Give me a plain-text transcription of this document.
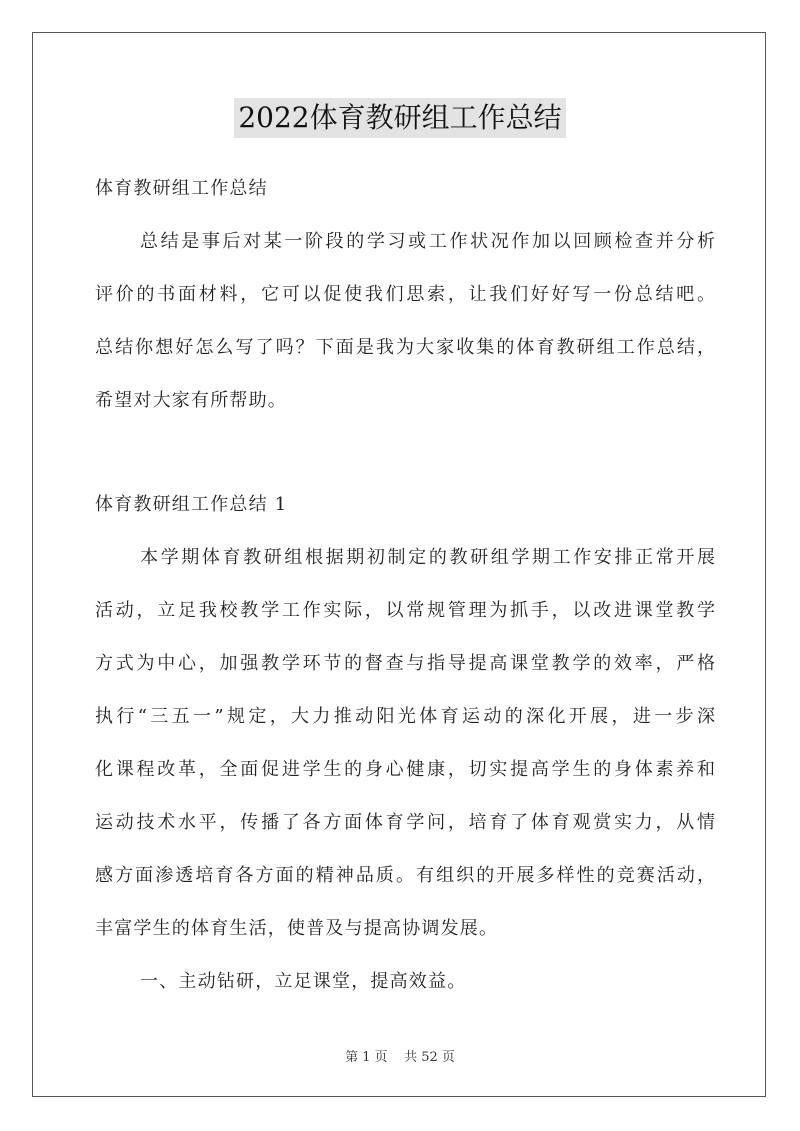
2022体育教研组工作总结
体育教研组工作总结
总结是事后对某一阶段的学习或工作状况作加以回顾检查并分析
评价的书面材料，它可以促使我们思索，让我们好好写一份总结吧。
总结你想好怎么写了吗？下面是我为大家收集的体育教研组工作总结，
希望对大家有所帮助。
体育教研组工作总结 1
本学期体育教研组根据期初制定的教研组学期工作安排正常开展
活动，立足我校教学工作实际，以常规管理为抓手，以改进课堂教学
方式为中心，加强教学环节的督查与指导提高课堂教学的效率，严格
执行“三五一”规定，大力推动阳光体育运动的深化开展，进一步深
化课程改革，全面促进学生的身心健康，切实提高学生的身体素养和
运动技术水平，传播了各方面体育学问，培育了体育观赏实力，从情
感方面渗透培育各方面的精神品质。有组织的开展多样性的竞赛活动，
丰富学生的体育生活，使普及与提高协调发展。
一、主动钻研，立足课堂，提高效益。
第 1 页    共 52 页
